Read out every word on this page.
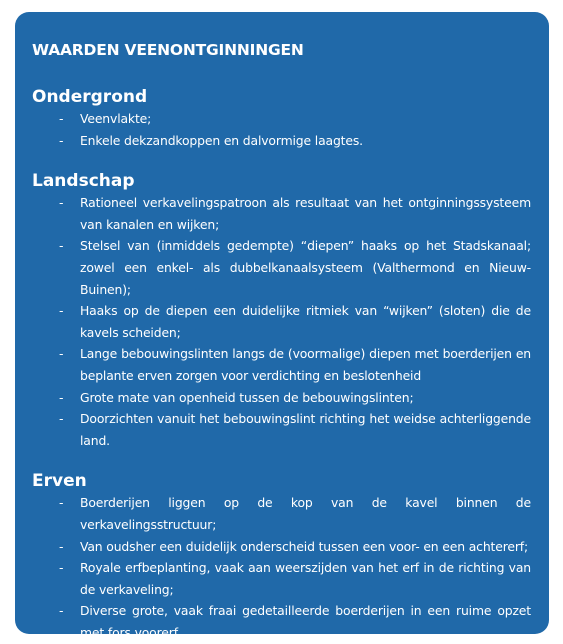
WAARDEN VEENONTGINNINGEN
Ondergrond
- Veenvlakte;
- Enkele dekzandkoppen en dalvormige laagtes.
Landschap
- Rationeel verkavelingspatroon als resultaat van het ontginningssysteem van kanalen en wijken;
- Stelsel van (inmiddels gedempte) “diepen” haaks op het Stadskanaal; zowel een enkel- als dubbelkanaalsysteem (Valthermond en Nieuw-Buinen);
- Haaks op de diepen een duidelijke ritmiek van “wijken” (sloten) die de kavels scheiden;
- Lange bebouwingslinten langs de (voormalige) diepen met boerderijen en beplante erven zorgen voor verdichting en beslotenheid
- Grote mate van openheid tussen de bebouwingslinten;
- Doorzichten vanuit het bebouwingslint richting het weidse achterliggende land.
Erven
- Boerderijen liggen op de kop van de kavel binnen de verkavelingsstructuur;
- Van oudsher een duidelijk onderscheid tussen een voor- en een achtererf;
- Royale erfbeplanting, vaak aan weerszijden van het erf in de richting van de verkaveling;
- Diverse grote, vaak fraai gedetailleerde boerderijen in een ruime opzet met fors voorerf.
